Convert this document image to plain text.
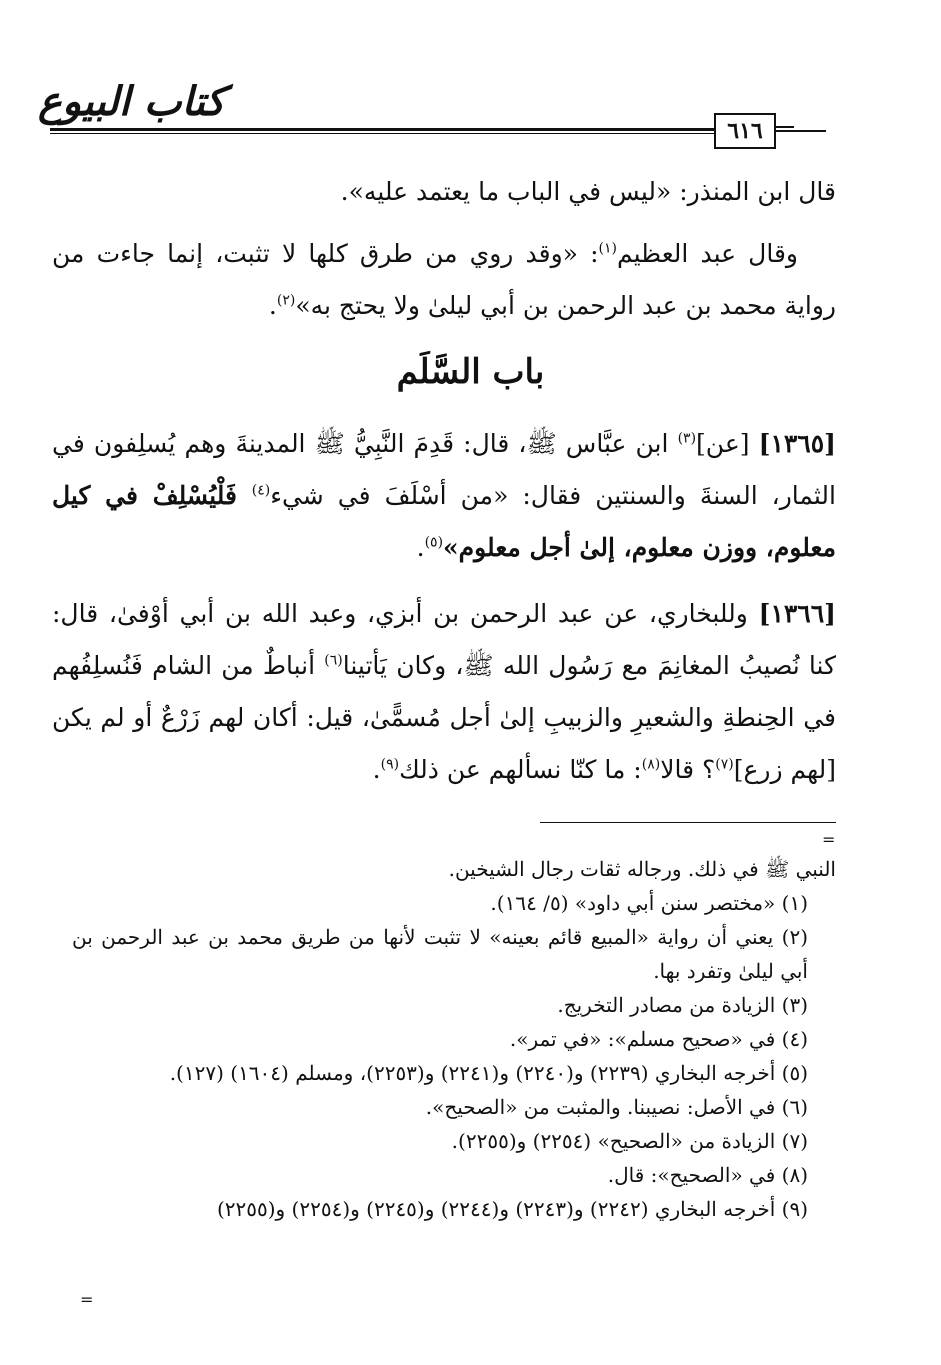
كتاب البيوع
٦١٦
قال ابن المنذر: «ليس في الباب ما يعتمد عليه».
وقال عبد العظيم$^{(١)}$: «وقد روي من طرق كلها لا تثبت، إنما جاءت من رواية محمد بن عبد الرحمن بن أبي ليلىٰ ولا يحتج به»$^{(٢)}$.
باب السَّلَم
[١٣٦٥] [عن]$^{(٣)}$ ابن عبَّاس ﷺ، قال: قَدِمَ النَّبِيُّ ﷺ المدينةَ وهم يُسلِفون في الثمار، السنةَ والسنتين فقال: «من أسْلَفَ في شيء$^{(٤)}$ فَلْيُسْلِفْ في كيل معلوم، ووزن معلوم، إلىٰ أجل معلوم»$^{(٥)}$.
[١٣٦٦] وللبخاري، عن عبد الرحمن بن أبزي، وعبد الله بن أبي أوْفىٰ، قال: كنا نُصيبُ المغانِمَ مع رَسُول الله ﷺ، وكان يَأتينا$^{(٦)}$ أنباطٌ من الشام فَنُسلِفُهم في الحِنطةِ والشعيرِ والزبيبِ إلىٰ أجل مُسمًّىٰ، قيل: أكان لهم زَرْعٌ أو لم يكن [لهم زرع]$^{(٧)}$؟ قالا$^{(٨)}$: ما كنّا نسألهم عن ذلك$^{(٩)}$.
=

النبي ﷺ في ذلك. ورجاله ثقات رجال الشيخين.

(١) «مختصر سنن أبي داود» (٥/ ١٦٤).

(٢) يعني أن رواية «المبيع قائم بعينه» لا تثبت لأنها من طريق محمد بن عبد الرحمن بن أبي ليلىٰ وتفرد بها.

(٣) الزيادة من مصادر التخريج.

(٤) في «صحيح مسلم»: «في تمر».

(٥) أخرجه البخاري (٢٢٣٩) و(٢٢٤٠) و(٢٢٤١) و(٢٢٥٣)، ومسلم (١٦٠٤) (١٢٧).

(٦) في الأصل: نصيبنا. والمثبت من «الصحيح».

(٧) الزيادة من «الصحيح» (٢٢٥٤) و(٢٢٥٥).

(٨) في «الصحيح»: قال.

(٩) أخرجه البخاري (٢٢٤٢) و(٢٢٤٣) و(٢٢٤٤) و(٢٢٤٥) و(٢٢٥٤) و(٢٢٥٥)

=
